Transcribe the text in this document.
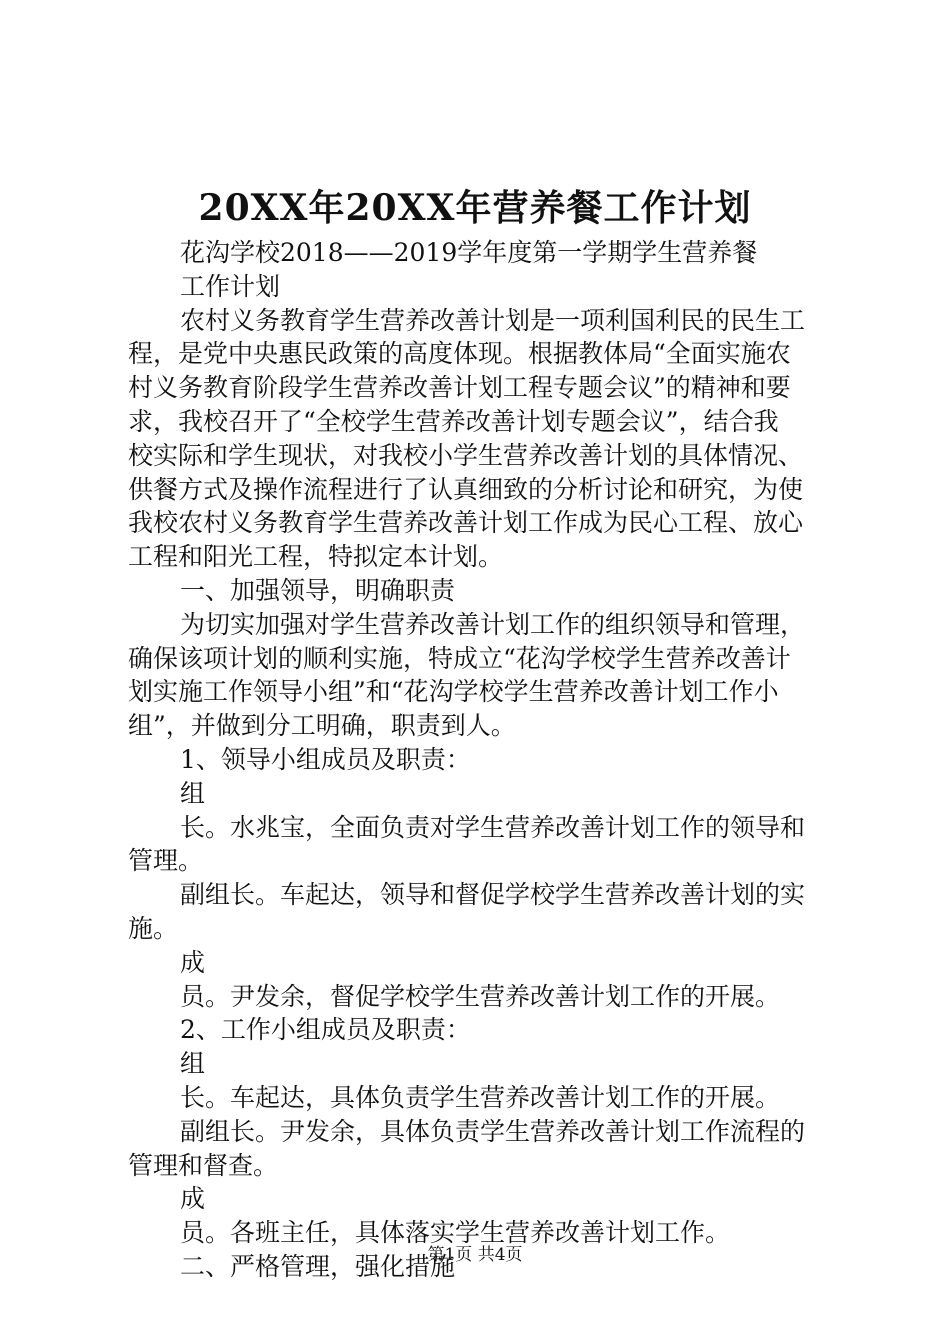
20XX年20XX年营养餐工作计划
花沟学校2018——2019学年度第一学期学生营养餐
工作计划
农村义务教育学生营养改善计划是一项利国利民的民生工
程，是党中央惠民政策的高度体现。根据教体局“全面实施农
村义务教育阶段学生营养改善计划工程专题会议”的精神和要
求，我校召开了“全校学生营养改善计划专题会议”，结合我
校实际和学生现状，对我校小学生营养改善计划的具体情况、
供餐方式及操作流程进行了认真细致的分析讨论和研究，为使
我校农村义务教育学生营养改善计划工作成为民心工程、放心
工程和阳光工程，特拟定本计划。
一、加强领导，明确职责
为切实加强对学生营养改善计划工作的组织领导和管理，
确保该项计划的顺利实施，特成立“花沟学校学生营养改善计
划实施工作领导小组”和“花沟学校学生营养改善计划工作小
组”，并做到分工明确，职责到人。
1、领导小组成员及职责：
组
长。水兆宝，全面负责对学生营养改善计划工作的领导和
管理。
副组长。车起达，领导和督促学校学生营养改善计划的实
施。
成
员。尹发余，督促学校学生营养改善计划工作的开展。
2、工作小组成员及职责：
组
长。车起达，具体负责学生营养改善计划工作的开展。
副组长。尹发余，具体负责学生营养改善计划工作流程的
管理和督查。
成
员。各班主任，具体落实学生营养改善计划工作。
二、严格管理，强化措施
第1页 共4页
